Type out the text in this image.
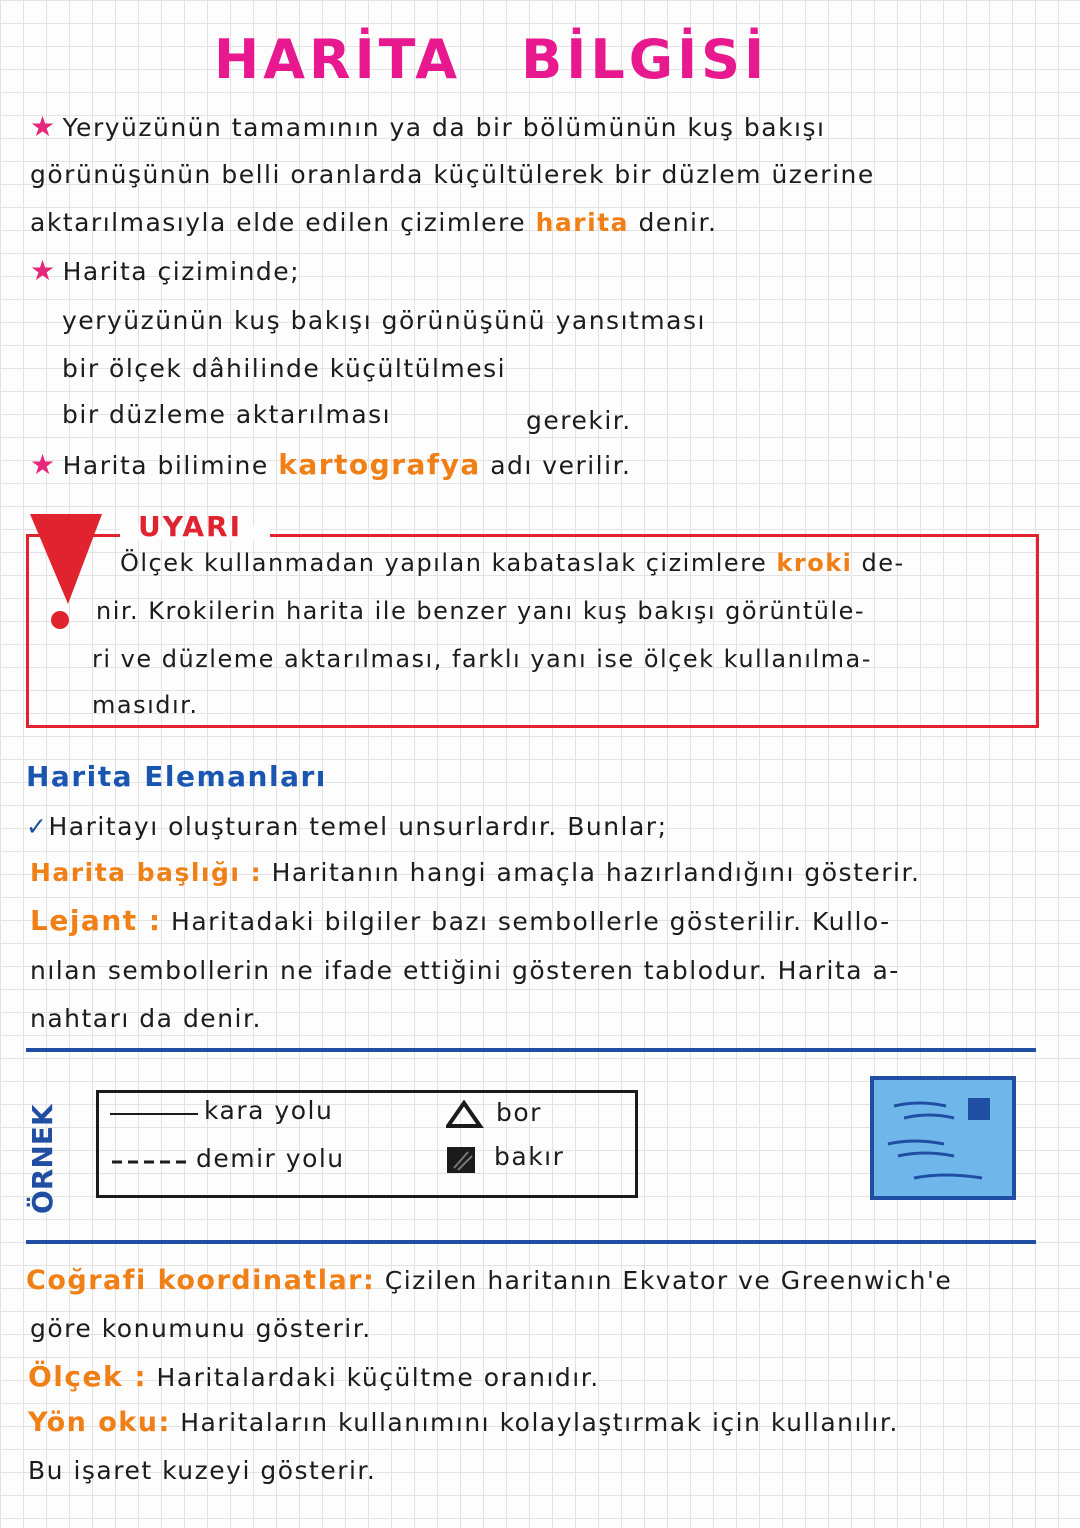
HARİTA BİLGİSİ
★ Yeryüzünün tamamının ya da bir bölümünün kuş bakışı
görünüşünün belli oranlarda küçültülerek bir düzlem üzerine
aktarılmasıyla elde edilen çizimlere harita denir.
★ Harita çiziminde;
yeryüzünün kuş bakışı görünüşünü yansıtması
bir ölçek dâhilinde küçültülmesi
bir düzleme aktarılması	gerekir.
★ Harita bilimine kartografya adı verilir.
UYARI
Ölçek kullanmadan yapılan kabataslak çizimlere kroki de-
nir. Krokilerin harita ile benzer yanı kuş bakışı görüntüle-
ri ve düzleme aktarılması, farklı yanı ise ölçek kullanılma-
masıdır.
Harita Elemanları
✓Haritayı oluşturan temel unsurlardır. Bunlar;
Harita başlığı : Haritanın hangi amaçla hazırlandığını gösterir.
Lejant : Haritadaki bilgiler bazı sembollerle gösterilir. Kullo-
nılan sembollerin ne ifade ettiğini gösteren tablodur. Harita a-
nahtarı da denir.
ÖRNEK	kara yolu
demir yolu
bor
bakır
Coğrafi koordinatlar: Çizilen haritanın Ekvator ve Greenwich'e
göre konumunu gösterir.
Ölçek : Haritalardaki küçültme oranıdır.
Yön oku: Haritaların kullanımını kolaylaştırmak için kullanılır.
Bu işaret kuzeyi gösterir.
